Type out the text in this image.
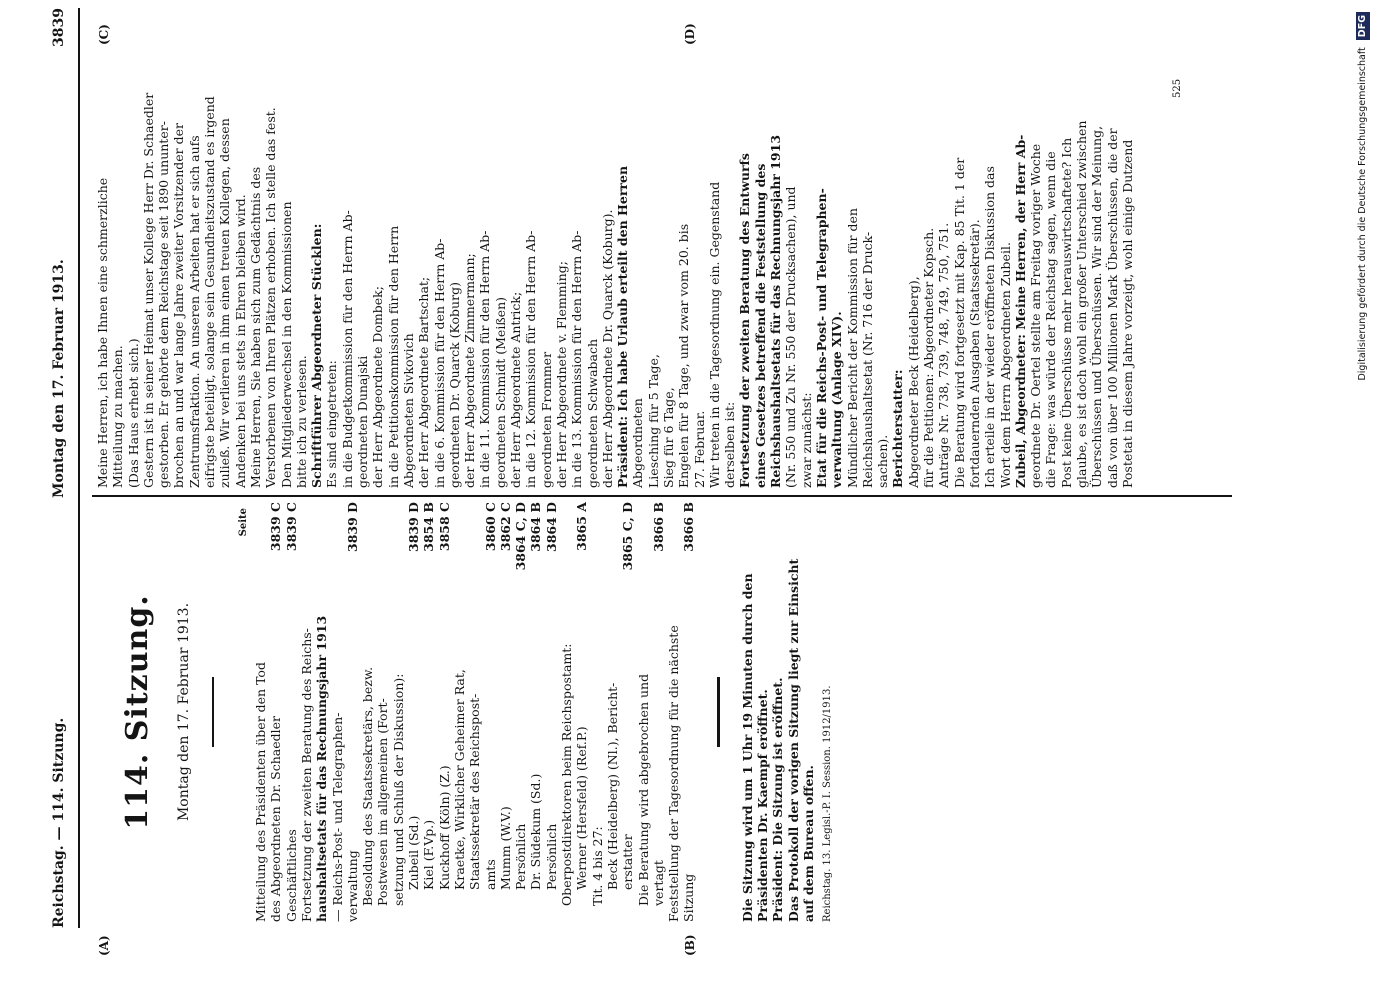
Reichstag. — 114. Sitzung.
Montag den 17. Februar 1913.
3839
(A)	(B)
(C)	(D)
114. Sitzung. Montag den 17. Februar 1913.
Seite
Mitteilung des Präsidenten über den Tod des Abgeordneten Dr. Schaedler
3839 C
Geschäftliches
3839 C
Fortsetzung der zweiten Beratung des Reichs- haushaltsetats für das Rechnungsjahr 1913 — Reichs-Post- und Telegraphen- verwaltung
3839 D
Besoldung des Staatssekretärs, bezw. Postwesen im allgemeinen (Fort- setzung und Schluß der Diskussion): Zubeil (Sd.)
3839 D
Kiel (F.Vp.)
3854 B
Kuckhoff (Köln) (Z.)
3858 C
Kraetke, Wirklicher Geheimer Rat, Staatssekretär des Reichspost- amts
3860 C
Mumm (W.V.)
3862 C
Persönlich
3864 C, D
Dr. Südekum (Sd.)
3864 B
Persönlich
3864 D
Oberpostdirektoren beim Reichspostamt: Werner (Hersfeld) (Ref.P.)
3865 A
Tit. 4 bis 27: Beck (Heidelberg) (Nl.), Bericht- erstatter
3865 C, D
Die Beratung wird abgebrochen und vertagt
3866 B
Feststellung der Tagesordnung für die nächste Sitzung
3866 B
Die Sitzung wird um 1 Uhr 19 Minuten durch den Präsidenten Dr. Kaempf eröffnet. Präsident: Die Sitzung ist eröffnet. Das Protokoll der vorigen Sitzung liegt zur Einsicht auf dem Bureau offen. Reichstag. 13. Legisl.-P. I. Session. 1912/1913.
Meine Herren, ich habe Ihnen eine schmerzliche Mitteilung zu machen. (Das Haus erhebt sich.) Gestern ist in seiner Heimat unser Kollege Herr Dr. Schaedler gestorben. Er gehörte dem Reichstage seit 1890 ununter- brochen an und war lange Jahre zweiter Vorsitzender der Zentrumsfraktion. An unseren Arbeiten hat er sich aufs eifrigste beteiligt, solange sein Gesundheitszustand es irgend zuließ. Wir verlieren in ihm einen treuen Kollegen, dessen Andenken bei uns stets in Ehren bleiben wird. Meine Herren, Sie haben sich zum Gedächtnis des Verstorbenen von Ihren Plätzen erhoben. Ich stelle das fest. Den Mitgliederwechsel in den Kommissionen bitte ich zu verlesen. Schriftführer Abgeordneter Stücklen: Es sind eingetreten: in die Budgetkommission für den Herrn Ab- geordneten Dunajski der Herr Abgeordnete Dombek; in die Petitionskommission für den Herrn Abgeordneten Sivkovich der Herr Abgeordnete Bartschat; in die 6. Kommission für den Herrn Ab- geordneten Dr. Quarck (Koburg) der Herr Abgeordnete Zimmermann; in die 11. Kommission für den Herrn Ab- geordneten Schmidt (Meißen) der Herr Abgeordnete Antrick; in die 12. Kommission für den Herrn Ab- geordneten Frommer der Herr Abgeordnete v. Flemming; in die 13. Kommission für den Herrn Ab- geordneten Schwabach der Herr Abgeordnete Dr. Quarck (Koburg). Präsident: Ich habe Urlaub erteilt den Herren Abgeordneten Liesching für 5 Tage, Sieg für 6 Tage, Engelen für 8 Tage, und zwar vom 20. bis 27. Februar. Wir treten in die Tagesordnung ein. Gegenstand derselben ist: Fortsetzung der zweiten Beratung des Entwurfs eines Gesetzes betreffend die Feststellung des Reichshaushaltsetats für das Rechnungsjahr 1913 (Nr. 550 und Zu Nr. 550 der Drucksachen), und zwar zunächst: Etat für die Reichs-Post- und Telegraphen- verwaltung (Anlage XIV). Mündlicher Bericht der Kommission für den Reichshaushaltsetat (Nr. 716 der Druck- sachen). Berichterstatter: Abgeordneter Beck (Heidelberg), für die Petitionen: Abgeordneter Kopsch. Anträge Nr. 738, 739, 748, 749, 750, 751. Die Beratung wird fortgesetzt mit Kap. 85 Tit. 1 der fortdauernden Ausgaben (Staatssekretär). Ich erteile in der wieder eröffneten Diskussion das Wort dem Herrn Abgeordneten Zubeil. Zubeil, Abgeordneter: Meine Herren, der Herr Ab- geordnete Dr. Oertel stellte am Freitag voriger Woche die Frage: was würde der Reichstag sagen, wenn die Post keine Überschüsse mehr herauswirtschaftete? Ich glaube, es ist doch wohl ein großer Unterschied zwischen Überschüssen und Überschüssen. Wir sind der Meinung, daß von über 100 Millionen Mark Überschüssen, die der Postetat in diesem Jahre vorzeigt, wohl einige Dutzend
525	Digitalisierung gefördert durch die Deutsche Forschungsgemeinschaft DFG
